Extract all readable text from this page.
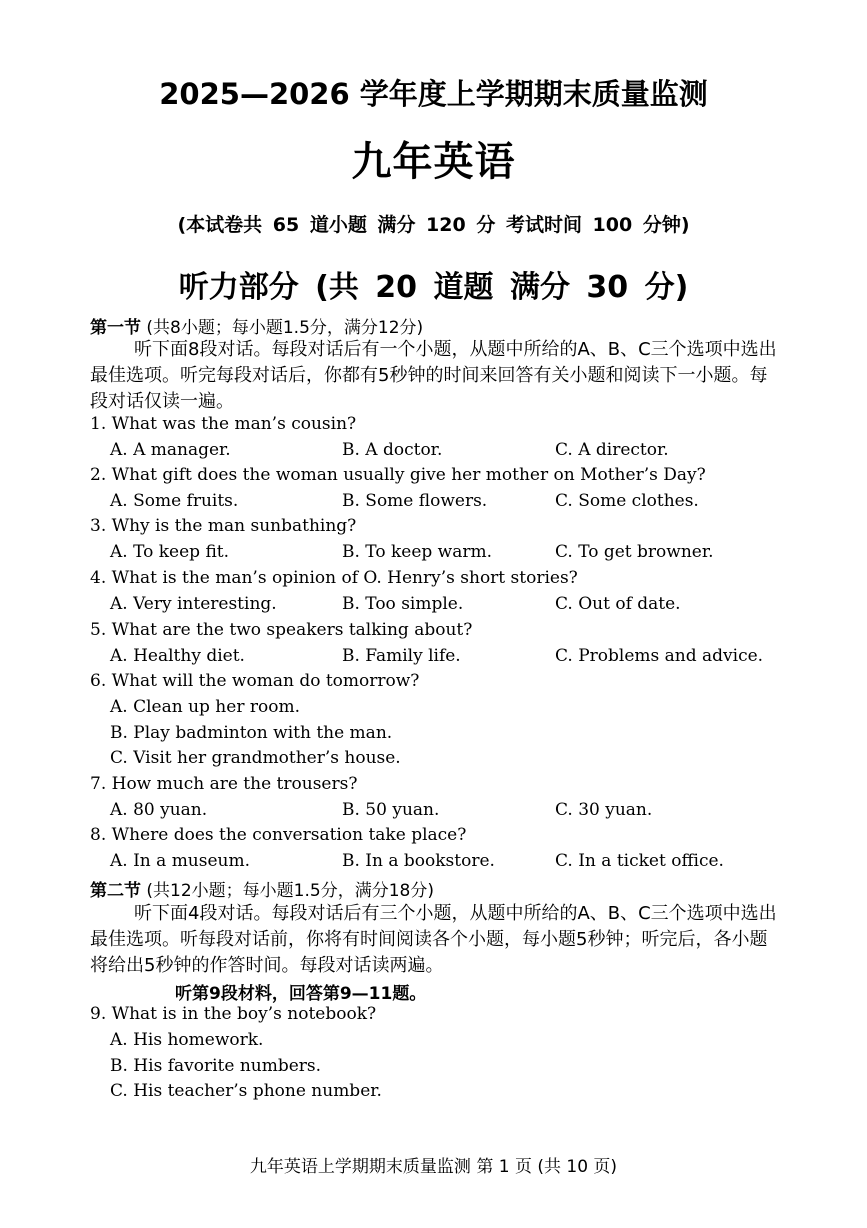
2025—2026 学年度上学期期末质量监测
九年英语
(本试卷共 65 道小题 满分 120 分 考试时间 100 分钟)
听力部分 (共 20 道题 满分 30 分)
第一节 (共8小题；每小题1.5分，满分12分)
听下面8段对话。每段对话后有一个小题，从题中所给的A、B、C三个选项中选出最佳选项。听完每段对话后，你都有5秒钟的时间来回答有关小题和阅读下一小题。每段对话仅读一遍。
1. What was the man’s cousin?
A. A manager.	B. A doctor.	C. A director.
2. What gift does the woman usually give her mother on Mother’s Day?
A. Some fruits.	B. Some flowers.	C. Some clothes.
3. Why is the man sunbathing?
A. To keep fit.	B. To keep warm.	C. To get browner.
4. What is the man’s opinion of O. Henry’s short stories?
A. Very interesting.	B. Too simple.	C. Out of date.
5. What are the two speakers talking about?
A. Healthy diet.	B. Family life.	C. Problems and advice.
6. What will the woman do tomorrow?
A. Clean up her room.
B. Play badminton with the man.
C. Visit her grandmother’s house.
7. How much are the trousers?
A. 80 yuan.	B. 50 yuan.	C. 30 yuan.
8. Where does the conversation take place?
A. In a museum.	B. In a bookstore.	C. In a ticket office.
第二节 (共12小题；每小题1.5分，满分18分)
听下面4段对话。每段对话后有三个小题，从题中所给的A、B、C三个选项中选出最佳选项。听每段对话前，你将有时间阅读各个小题，每小题5秒钟；听完后，各小题将给出5秒钟的作答时间。每段对话读两遍。
听第9段材料，回答第9—11题。
9. What is in the boy’s notebook?
A. His homework.
B. His favorite numbers.
C. His teacher’s phone number.
九年英语上学期期末质量监测 第 1 页 (共 10 页)
